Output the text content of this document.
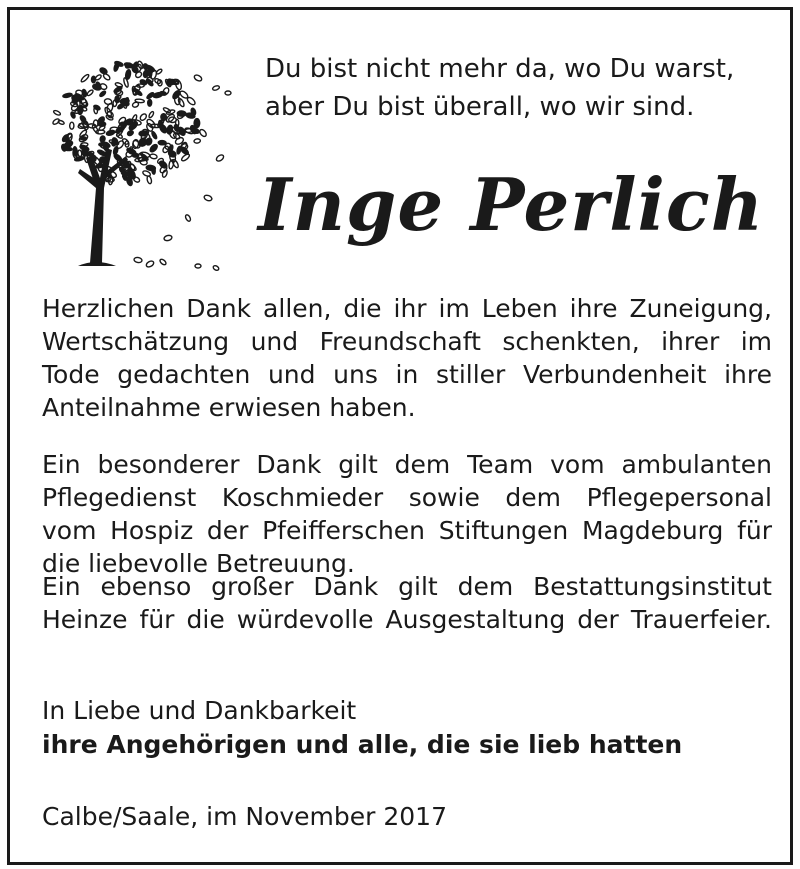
Du bist nicht mehr da, wo Du warst,
aber Du bist überall, wo wir sind.
Inge Perlich
Herzlichen Dank allen, die ihr im Leben ihre Zuneigung,
Wertschätzung und Freundschaft schenkten, ihrer im
Tode gedachten und uns in stiller Verbundenheit ihre
Anteilnahme erwiesen haben.
Ein besonderer Dank gilt dem Team vom ambulanten
Pflegedienst Koschmieder sowie dem Pflegepersonal
vom Hospiz der Pfeifferschen Stiftungen Magdeburg für
die liebevolle Betreuung.
Ein ebenso großer Dank gilt dem Bestattungsinstitut
Heinze für die würdevolle Ausgestaltung der Trauerfeier.
In Liebe und Dankbarkeit
ihre Angehörigen und alle, die sie lieb hatten
Calbe/Saale, im November 2017
